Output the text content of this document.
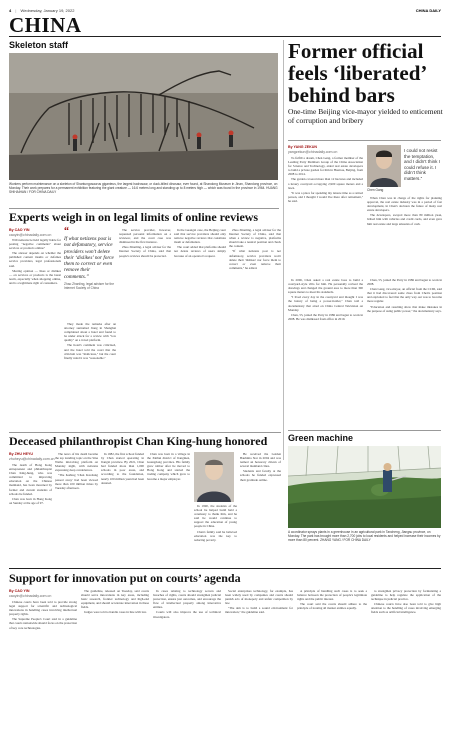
4 | Wednesday, January 19, 2022	CHINA DAILY
CHINA
Skeleton staff
Workers perform maintenance on a skeleton of Shantungosaurus giganteus, the largest hadrosaur, or duck-billed dinosaur, ever found, at Shandong Museum in Jinan, Shandong province, on Monday. Their work prepares for a permanent exhibition featuring the giant creature — 16.6 meters long and standing up to 8 meters high — which was found in the province in 1964. HUANG SHIHAIHAN / FOR CHINA DAILY
Former official feels ‘liberated’ behind bars
One-time Beijing vice-mayor yielded to enticement of corruption and bribery
By YANG ZEKUN
yangzekun@chinadaily.com.cn

To fulfill a dream, Chen Gang, a former member of the Leading Party Members Group of the China Association for Science and Technology, aided real estate developers to build a private garden for him in Huairou, Beijing, from 2008 to 2014.

The garden covered more than 12 hectares and included a luxury courtyard occupying 2,900 square meters and a lawn.

"It was a place for spending my leisure time as a retired person, and I thought I would live there after retirement," he said.

In 2006, Chen asked a real estate boss to build a courtyard-style villa for him. He personally revised the drawings and changed the ground area to more than 300 square meters to meet his standards.

"I lived every day in the courtyard and thought I was the luxury of being a power-holder," Chen told a documentary that aired on China Central Television on Monday.

Chen, 55, joined the Party in 1986 and began to work in 2008. He was dismissed from office in 2019.

Chen Gang
I could not resist the temptation, and I didn’t think I could refuse it. I didn’t think matters.”

When Chen was in charge of the rights for planning approval, the real estate industry was in a period of fast development, in Chen's decision the future of many real estate developers.

The developers, swayed more than 80 million yuan, bribed him with vehicles and credit cards, and even gave him real estate and large amounts of cash.

Chen, 55, joined the Party in 1986 and began to work in 2008.

Chen Gang, vice-mayor, an official from the CCDI, said that it had discovered some clues from Chen's position and exploited to feel that the only way out was to become more regular.

"Education and resulting show that make mistakes in the purpose of using public power," the documentary says.

Experts weigh in on legal limits of online reviews
By CAO YIN
caoyin@chinadaily.com.cn

Will netizens be held legally liable for posting "negative comments" about services or products online?

The answer depends on whether the published content insults or defames service providers, legal professionals said.

Sharing opinion — likes or dislikes — on services or products is the latest norm, especially when shopping online, and is a legitimate right of consumers.

“
If what netizens post is not defamatory, service providers won’t delete their ‘dislikes’ nor force them to correct or even remove their comments.”
Zhao Zhanling, legal adviser for the Internet Society of China

They made the remarks after an attorney surnamed Jiang in Shanghai complained about a hotel and found to be under attack for a review with "low quality" on a travel platform.

The hotel's comment was criticized, and the hotel told the court that the criticism was "malicious," but the court finally ruled it was "reasonable."

The service provider, however, requested personal information on a reviewer, and the court case was dismissed in the first instance.

Zhao Zhanling, a legal adviser for the Internet Society of China, said that people's reviews should be protected.

In the Guangxi case, the Beijing court said that service providers should only remove negative reviews that constitute insult or defamation.

The court added that platforms should not delete reviews of users simply because of an operator's request.

Zhao Zhanling, a legal adviser for the Internet Society of China, said that when a review is negative, platforms should take a neutral position and check the content.

"If what netizens post is not defamatory, service providers won't delete their 'dislikes' nor force them to correct or even remove their comments," he added.

Green machine
A coordinator sprays plants in a greenhouse in an agricultural park in Tancheng, Jiangsu province, on Monday. The park has brought more than 2,700 jobs to local residents and helped increase their incomes by more than 80 percent. ZHANG YANG / FOR CHINA DAILY
Deceased philanthropist Chan King-hung honored
By ZHU HEYU
zhuheyu@chinadaily.com.cn

The death of Hong Kong entrepreneur and philanthropist Chan King-hung, who was committed to improving education on the Chinese mainland, has been mourned by former and current students of schools he funded.

Chan was born in Hong Kong on Sunday at the age of 97.

The news of his death became the top trending topic on the Sina Weibo microblog platform on Monday night, with netizens expressing deep condolences.

"The hashtag 'Chan Kai-hung passed away' had been viewed more than 100 million times by Tuesday afternoon.

In 1982, the first school funded by Chan started operating in Jiangxi province. By 2021, Chan had funded more than 1,000 schools in poor areas, and according to the foundation, nearly 100 million yuan had been donated.

Chan was born in a village in the Xinhui district of Jiangmen, Guangdong province. His family grew rubber after he moved to Hong Kong and started the trading company which grew to become a major employer.

In 1990, the students of the school he helped build held a ceremony to thank him, and he said he would continue to support the education of young people in China.

Chan's family said he believed education was the key to reducing poverty.

He received the Golden Bauhinia Star in 2004 and was named an honorary citizen of several mainland cities.

Students and faculty at the schools he funded expressed their gratitude online.

Support for innovation put on courts’ agenda
By CAO YIN
caoyin@chinadaily.com.cn

Chinese courts have been told to provide strong legal support for scientific and technological innovations in handling cases involving intellectual property rights.

The Supreme People's Court said in a guideline that courts nationwide should focus on the protection of key core technologies.

The guideline, released on Tuesday, said courts should serve innovations in key areas, including basic research, frontier technology and high-end equipment, and should accelerate innovation in these fields.

Judges were told to handle cases in line with law.

In cases relating to technology secrets and breaches of rights, courts should strengthen judicial protection, ensure just outcomes, and encourage the flow of intellectual property among innovative entities.

Courts will also improve the use of technical investigators.

Social enterprises technology, for example, has been widely used by companies and courts should punish acts of monopoly and unfair competition by law.

"The aim is to build a sound environment for innovation," the guideline said.

A principle of handling such cases is to seek a balance between the protection of people's legitimate rights and the public interest.

The court said the courts should adhere to the principle of treating all market entities equally.

to strengthen privacy protection by formulating a guideline to help regulate the application of the technique in judicial practice.

Chinese courts have also been told to give high attention to the handling of cases involving emerging fields such as artificial intelligence.
